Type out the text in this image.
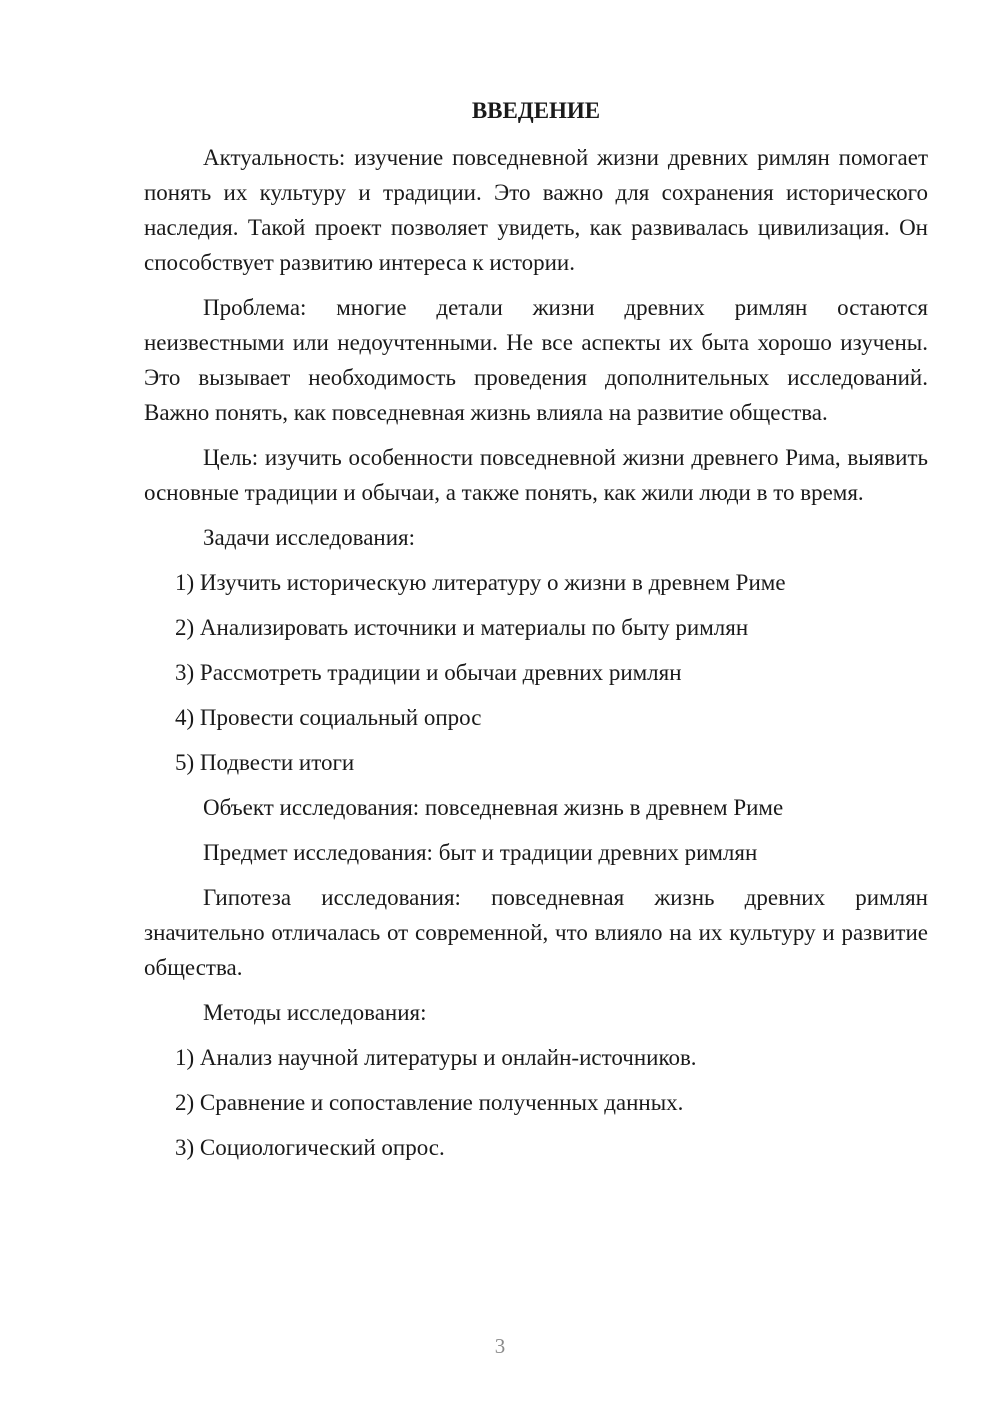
ВВЕДЕНИЕ

Актуальность: изучение повседневной жизни древних римлян помогает понять их культуру и традиции. Это важно для сохранения исторического наследия. Такой проект позволяет увидеть, как развивалась цивилизация. Он способствует развитию интереса к истории.

Проблема: многие детали жизни древних римлян остаются неизвестными или недоучтенными. Не все аспекты их быта хорошо изучены. Это вызывает необходимость проведения дополнительных исследований. Важно понять, как повседневная жизнь влияла на развитие общества.

Цель: изучить особенности повседневной жизни древнего Рима, выявить основные традиции и обычаи, а также понять, как жили люди в то время.

Задачи исследования:

1) Изучить историческую литературу о жизни в древнем Риме

2) Анализировать источники и материалы по быту римлян

3) Рассмотреть традиции и обычаи древних римлян

4) Провести социальный опрос

5) Подвести итоги

Объект исследования: повседневная жизнь в древнем Риме

Предмет исследования: быт и традиции древних римлян

Гипотеза исследования: повседневная жизнь древних римлян значительно отличалась от современной, что влияло на их культуру и развитие общества.

Методы исследования:

1) Анализ научной литературы и онлайн-источников.

2) Сравнение и сопоставление полученных данных.

3) Социологический опрос.

3
